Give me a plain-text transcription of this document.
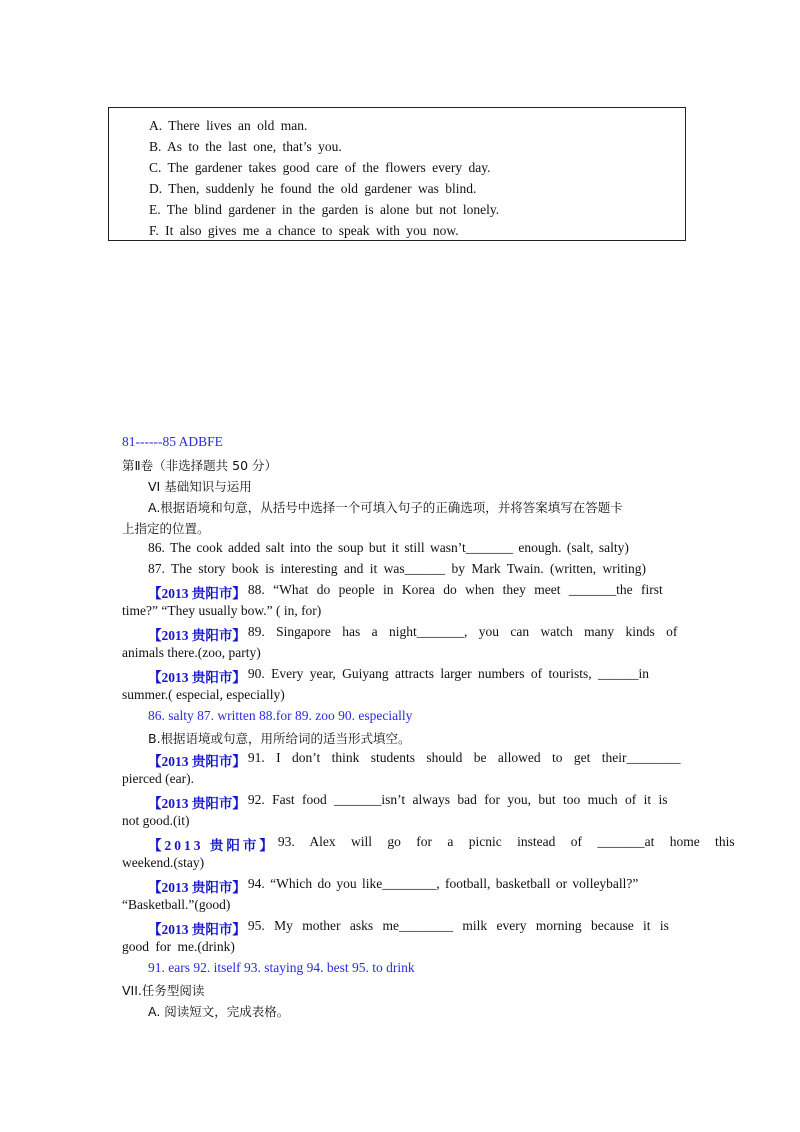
A. There lives an old man.
B. As to the last one, that’s you.
C. The gardener takes good care of the flowers every day.
D. Then, suddenly he found the old gardener was blind.
E. The blind gardener in the garden is alone but not lonely.
F. It also gives me a chance to speak with you now.
81------85 ADBFE
第Ⅱ卷（非选择题共 50 分）
VI 基础知识与运用
A.根据语境和句意，从括号中选择一个可填入句子的正确选项，并将答案填写在答题卡
上指定的位置。
86. The cook added salt into the soup but it still wasn’t_______ enough. (salt, salty)
87. The story book is interesting and it was______ by Mark Twain. (written, writing)
【2013 贵阳市】 88. “What do people in Korea do when they meet _______the first
time?” “They usually bow.” ( in, for)
【2013 贵阳市】 89. Singapore has a night_______, you can watch many kinds of
animals there.(zoo, party)
【2013 贵阳市】 90. Every year, Guiyang attracts larger numbers of tourists, ______in
summer.( especial, especially)
86. salty 87. written 88.for 89. zoo 90. especially
B.根据语境或句意，用所给词的适当形式填空。
【2013 贵阳市】 91. I don’t think students should be allowed to get their________
pierced (ear).
【2013 贵阳市】 92. Fast food _______isn’t always bad for you, but too much of it is
not good.(it)
【2013 贵阳市】 93. Alex will go for a picnic instead of _______at home this
weekend.(stay)
【2013 贵阳市】 94. “Which do you like________, football, basketball or volleyball?”
“Basketball.”(good)
【2013 贵阳市】 95. My mother asks me________ milk every morning because it is
good for me.(drink)
91. ears 92. itself 93. staying 94. best 95. to drink
VII.任务型阅读
A. 阅读短文，完成表格。
